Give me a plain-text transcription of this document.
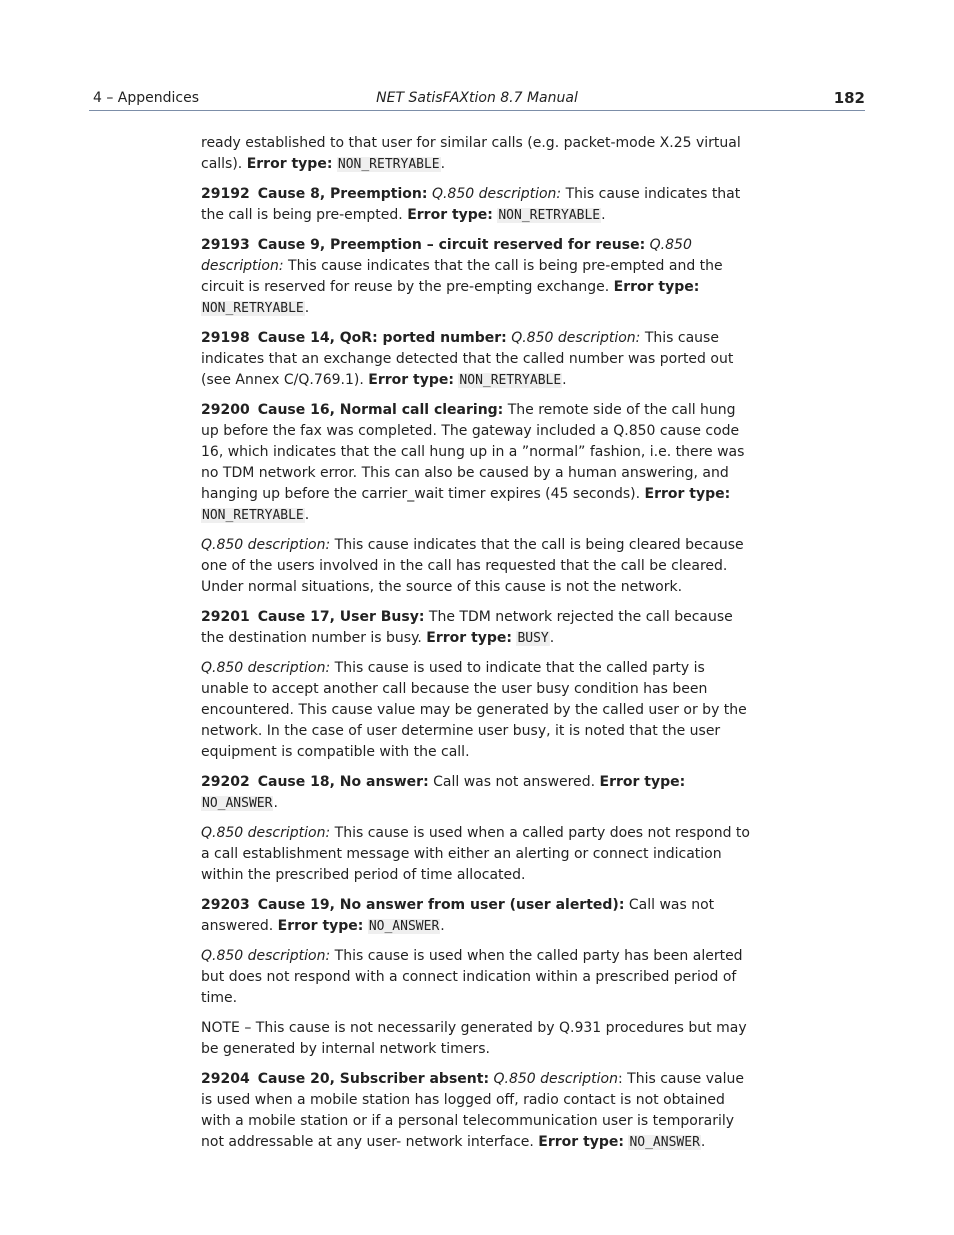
4 – Appendices	NET SatisFAXtion 8.7 Manual	182

ready established to that user for similar calls (e.g. packet-mode X.25 virtual calls). Error type: NON_RETRYABLE.

29192 Cause 8, Preemption: Q.850 description: This cause indicates that the call is being pre-empted. Error type: NON_RETRYABLE.

29193 Cause 9, Preemption – circuit reserved for reuse: Q.850 description: This cause indicates that the call is being pre-empted and the circuit is reserved for reuse by the pre-empting exchange. Error type: NON_RETRYABLE.

29198 Cause 14, QoR: ported number: Q.850 description: This cause indicates that an exchange detected that the called number was ported out (see Annex C/Q.769.1). Error type: NON_RETRYABLE.

29200 Cause 16, Normal call clearing: The remote side of the call hung up before the fax was completed. The gateway included a Q.850 cause code 16, which indicates that the call hung up in a ”normal” fashion, i.e. there was no TDM network error. This can also be caused by a human answering, and hanging up before the carrier_wait timer expires (45 seconds). Error type: NON_RETRYABLE.

Q.850 description: This cause indicates that the call is being cleared because one of the users involved in the call has requested that the call be cleared. Under normal situations, the source of this cause is not the network.

29201 Cause 17, User Busy: The TDM network rejected the call because the destination number is busy. Error type: BUSY.

Q.850 description: This cause is used to indicate that the called party is unable to accept another call because the user busy condition has been encountered. This cause value may be generated by the called user or by the network. In the case of user determine user busy, it is noted that the user equipment is compatible with the call.

29202 Cause 18, No answer: Call was not answered. Error type: NO_ANSWER.

Q.850 description: This cause is used when a called party does not respond to a call establishment message with either an alerting or connect indication within the prescribed period of time allocated.

29203 Cause 19, No answer from user (user alerted): Call was not answered. Error type: NO_ANSWER.

Q.850 description: This cause is used when the called party has been alerted but does not respond with a connect indication within a prescribed period of time.

NOTE – This cause is not necessarily generated by Q.931 procedures but may be generated by internal network timers.

29204 Cause 20, Subscriber absent: Q.850 description: This cause value is used when a mobile station has logged off, radio contact is not obtained with a mobile station or if a personal telecommunication user is temporarily not addressable at any user- network interface. Error type: NO_ANSWER.
